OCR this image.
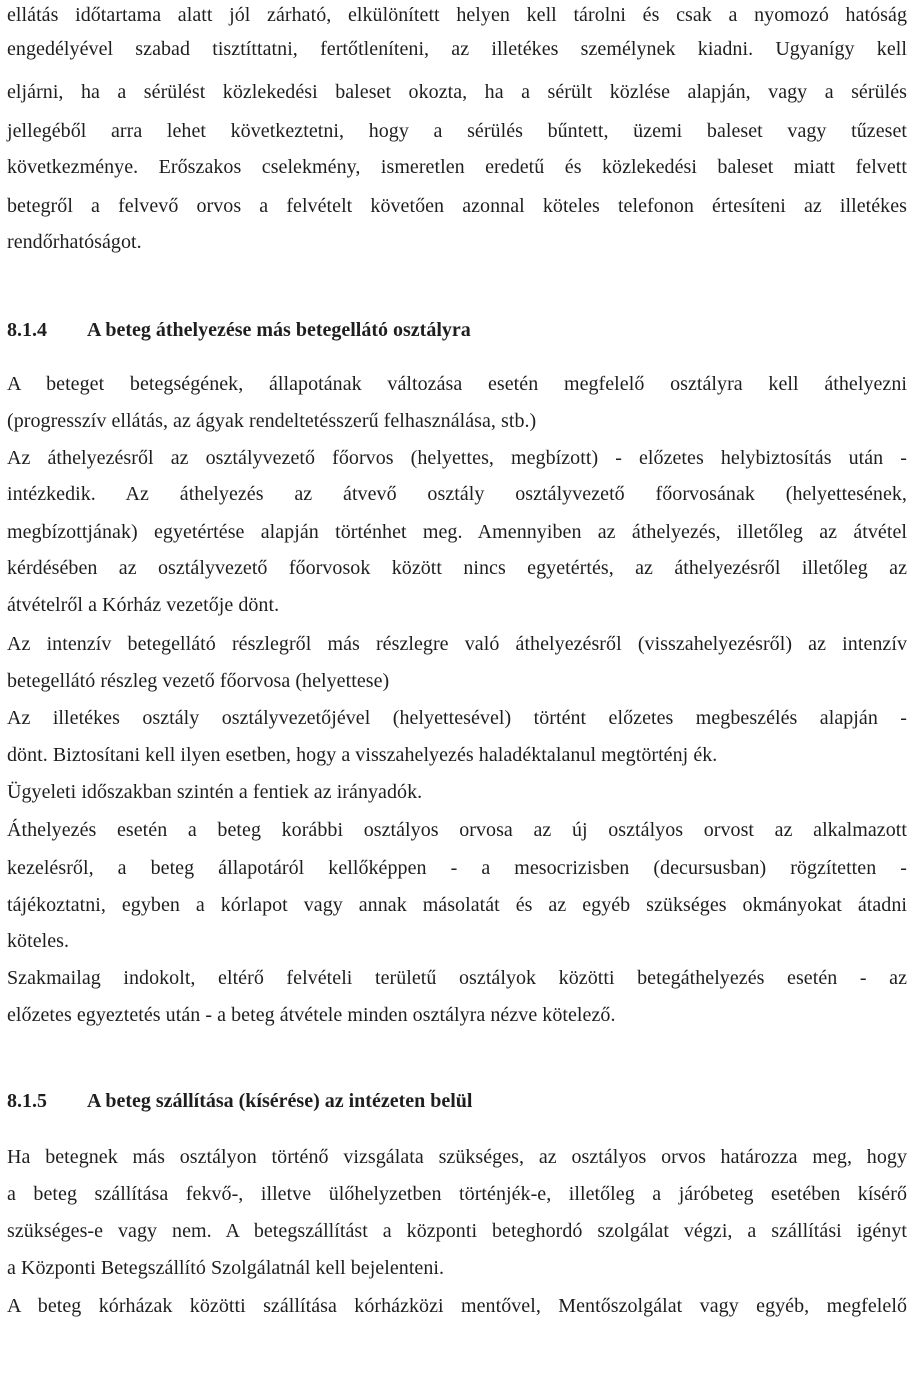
ellátás időtartama alatt jól zárható, elkülönített helyen kell tárolni és csak a nyomozó hatóság
engedélyével szabad tisztíttatni, fertőtleníteni, az illetékes személynek kiadni. Ugyanígy kell
eljárni, ha a sérülést közlekedési baleset okozta, ha a sérült közlése alapján, vagy a sérülés
jellegéből arra lehet következtetni, hogy a sérülés bűntett, üzemi baleset vagy tűzeset
következménye. Erőszakos cselekmény, ismeretlen eredetű és közlekedési baleset miatt felvett
betegről a felvevő orvos a felvételt követően azonnal köteles telefonon értesíteni az illetékes
rendőrhatóságot.
8.1.4 A beteg áthelyezése más betegellátó osztályra
A beteget betegségének, állapotának változása esetén megfelelő osztályra kell áthelyezni
(progresszív ellátás, az ágyak rendeltetésszerű felhasználása, stb.)
Az áthelyezésről az osztályvezető főorvos (helyettes, megbízott) - előzetes helybiztosítás után -
intézkedik. Az áthelyezés az átvevő osztály osztályvezető főorvosának (helyettesének,
megbízottjának) egyetértése alapján történhet meg. Amennyiben az áthelyezés, illetőleg az átvétel
kérdésében az osztályvezető főorvosok között nincs egyetértés, az áthelyezésről illetőleg az
átvételről a Kórház vezetője dönt.
Az intenzív betegellátó részlegről más részlegre való áthelyezésről (visszahelyezésről) az intenzív
betegellátó részleg vezető főorvosa (helyettese)
Az illetékes osztály osztályvezetőjével (helyettesével) történt előzetes megbeszélés alapján -
dönt. Biztosítani kell ilyen esetben, hogy a visszahelyezés haladéktalanul megtörténj ék.
Ügyeleti időszakban szintén a fentiek az irányadók.
Áthelyezés esetén a beteg korábbi osztályos orvosa az új osztályos orvost az alkalmazott
kezelésről, a beteg állapotáról kellőképpen - a mesocrizisben (decursusban) rögzítetten -
tájékoztatni, egyben a kórlapot vagy annak másolatát és az egyéb szükséges okmányokat átadni
köteles.
Szakmailag indokolt, eltérő felvételi területű osztályok közötti betegáthelyezés esetén - az
előzetes egyeztetés után - a beteg átvétele minden osztályra nézve kötelező.
8.1.5 A beteg szállítása (kísérése) az intézeten belül
Ha betegnek más osztályon történő vizsgálata szükséges, az osztályos orvos határozza meg, hogy
a beteg szállítása fekvő-, illetve ülőhelyzetben történjék-e, illetőleg a járóbeteg esetében kísérő
szükséges-e vagy nem. A betegszállítást a központi beteghordó szolgálat végzi, a szállítási igényt
a Központi Betegszállító Szolgálatnál kell bejelenteni.
A beteg kórházak közötti szállítása kórházközi mentővel, Mentőszolgálat vagy egyéb, megfelelő
